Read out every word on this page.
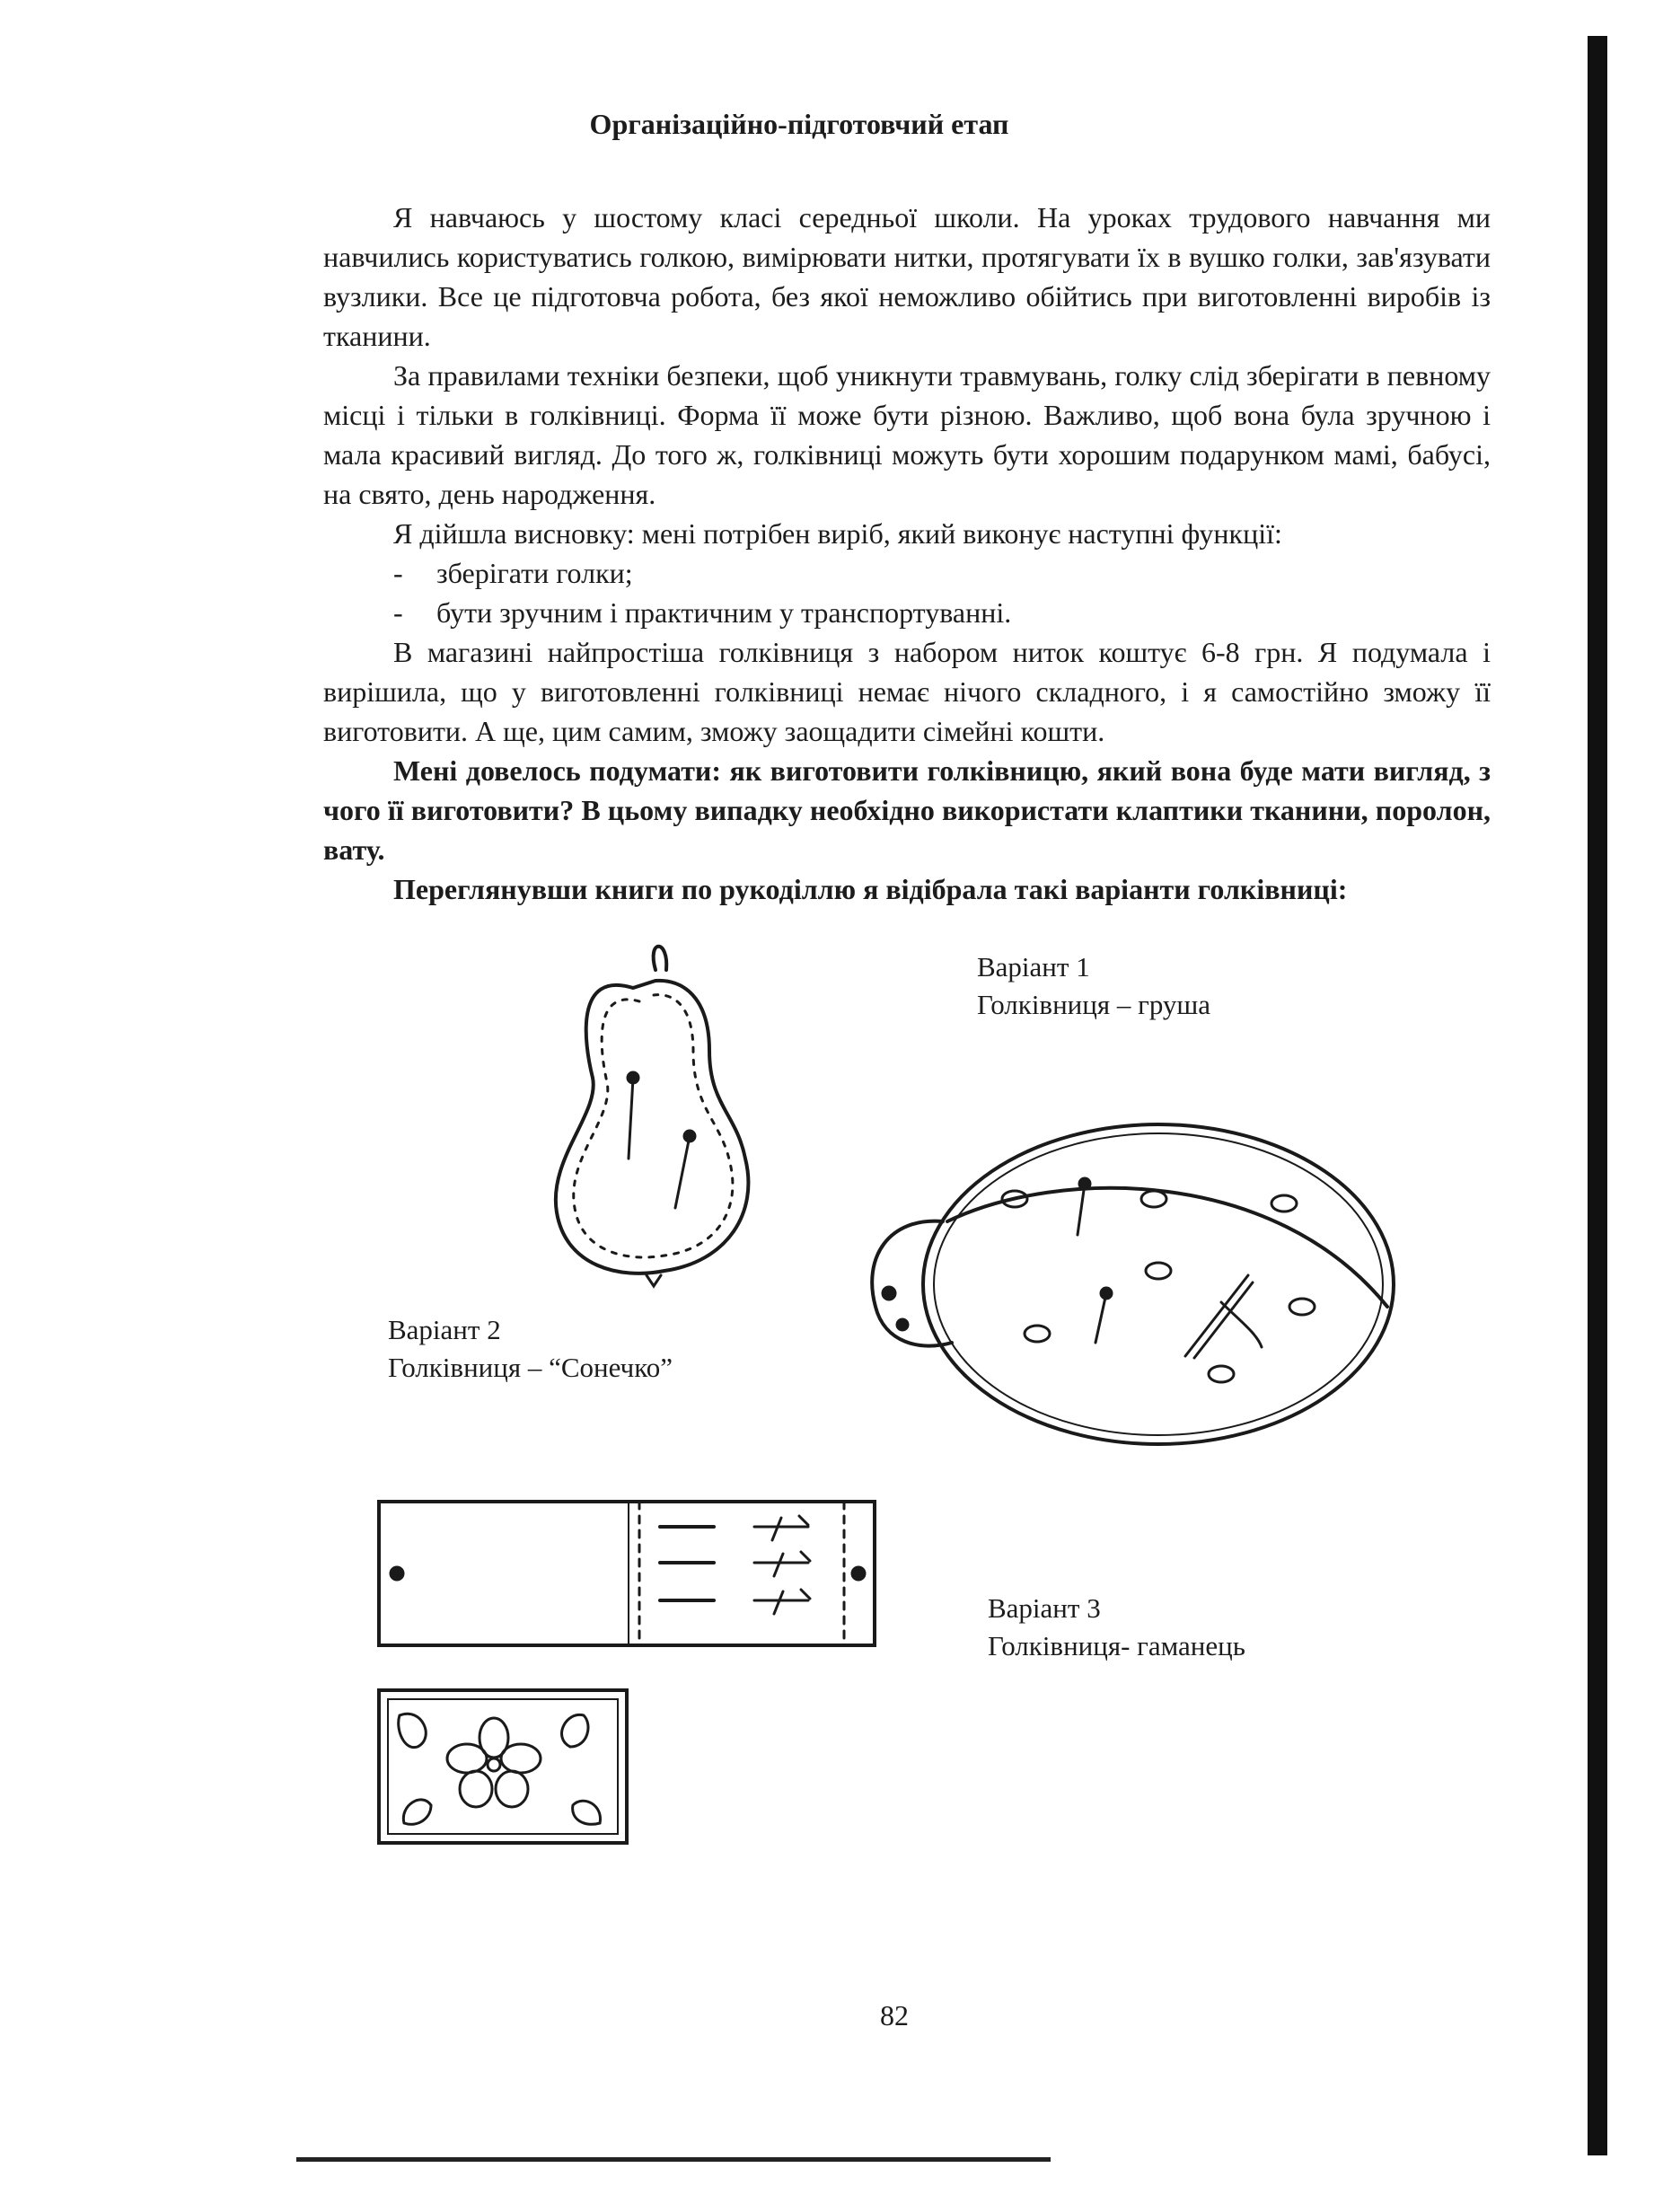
Організаційно-підготовчий етап

Я навчаюсь у шостому класі середньої школи. На уроках трудового навчання ми навчились користуватись голкою, вимірювати нитки, протягувати їх в вушко голки, зав'язувати вузлики. Все це підготовча робота, без якої неможливо обійтись при виготовленні виробів із тканини.

За правилами техніки безпеки, щоб уникнути травмувань, голку слід зберігати в певному місці і тільки в голківниці. Форма її може бути різною. Важливо, щоб вона була зручною і мала красивий вигляд. До того ж, голківниці можуть бути хорошим подарунком мамі, бабусі, на свято, день народження.

Я дійшла висновку: мені потрібен виріб, який виконує наступні функції:

- зберігати голки;
- бути зручним і практичним у транспортуванні.

В магазині найпростіша голківниця з набором ниток коштує 6-8 грн. Я подумала і вирішила, що у виготовленні голківниці немає нічого складного, і я самостійно зможу її виготовити. А ще, цим самим, зможу заощадити сімейні кошти.

Мені довелось подумати: як виготовити голківницю, який вона буде мати вигляд, з чого її виготовити? В цьому випадку необхідно використати клаптики тканини, поролон, вату.

Переглянувши книги по рукоділлю я відібрала такі варіанти голківниці:

Варіант 1
Голківниця – груша
Варіант 2
Голківниця – “Сонечко”
Варіант 3
Голківниця- гаманець
82
